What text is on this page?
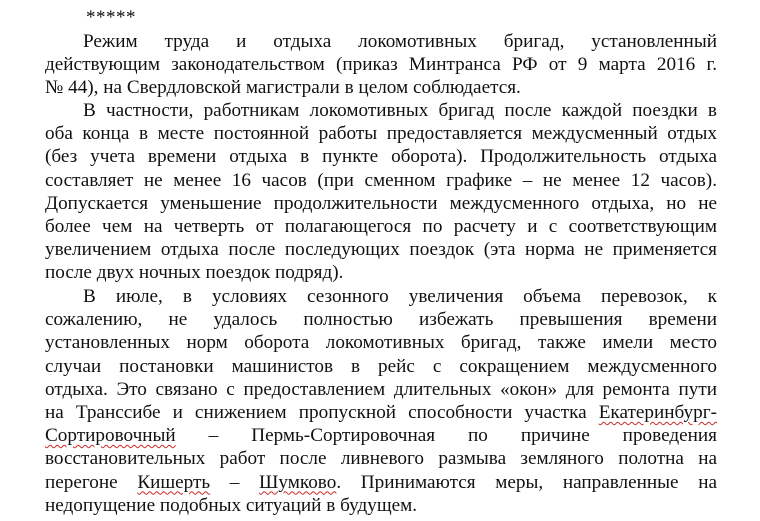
*****

Режим труда и отдыха локомотивных бригад, установленный
действующим законодательством (приказ Минтранса РФ от 9 марта 2016 г.
№ 44), на Свердловской магистрали в целом соблюдается.

В частности, работникам локомотивных бригад после каждой поездки в
оба конца в месте постоянной работы предоставляется междусменный отдых
(без учета времени отдыха в пункте оборота). Продолжительность отдыха
составляет не менее 16 часов (при сменном графике – не менее 12 часов).
Допускается уменьшение продолжительности междусменного отдыха, но не
более чем на четверть от полагающегося по расчету и с соответствующим
увеличением отдыха после последующих поездок (эта норма не применяется
после двух ночных поездок подряд).

В июле, в условиях сезонного увеличения объема перевозок, к
сожалению, не удалось полностью избежать превышения времени
установленных норм оборота локомотивных бригад, также имели место
случаи постановки машинистов в рейс с сокращением междусменного
отдыха. Это связано с предоставлением длительных «окон» для ремонта пути
на Транссибе и снижением пропускной способности участка Екатеринбург-
Сортировочный – Пермь-Сортировочная по причине проведения
восстановительных работ после ливневого размыва земляного полотна на
перегоне Кишерть – Шумково. Принимаются меры, направленные на
недопущение подобных ситуаций в будущем.
